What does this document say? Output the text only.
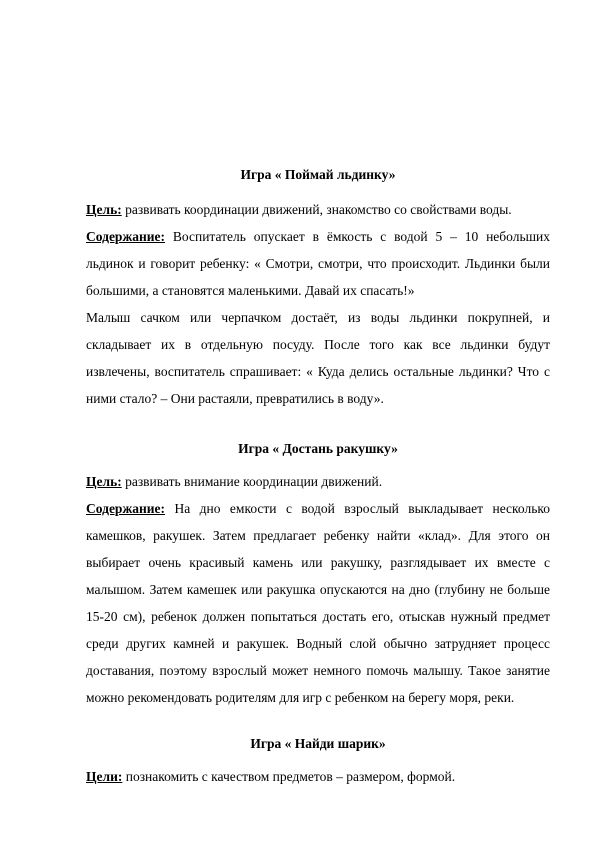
Игра « Поймай льдинку»

Цель: развивать координации движений, знакомство со свойствами воды.

Содержание: Воспитатель опускает в ёмкость с водой 5 – 10 небольших льдинок и говорит ребенку: « Смотри, смотри, что происходит. Льдинки были большими, а становятся маленькими. Давай их спасать!»

Малыш сачком или черпачком достаёт, из воды льдинки покрупней, и складывает их в отдельную посуду. После того как все льдинки будут извлечены, воспитатель спрашивает: « Куда делись остальные льдинки? Что с ними стало? – Они растаяли, превратились в воду».

Игра « Достань ракушку»

Цель: развивать внимание координации движений.

Содержание: На дно емкости с водой взрослый выкладывает несколько камешков, ракушек. Затем предлагает ребенку найти «клад». Для этого он выбирает очень красивый камень или ракушку, разглядывает их вместе с малышом. Затем камешек или ракушка опускаются на дно (глубину не больше 15-20 см), ребенок должен попытаться достать его, отыскав нужный предмет среди других камней и ракушек. Водный слой обычно затрудняет процесс доставания, поэтому взрослый может немного помочь малышу. Такое занятие можно рекомендовать родителям для игр с ребенком на берегу моря, реки.

Игра « Найди шарик»

Цели: познакомить с качеством предметов – размером, формой.
